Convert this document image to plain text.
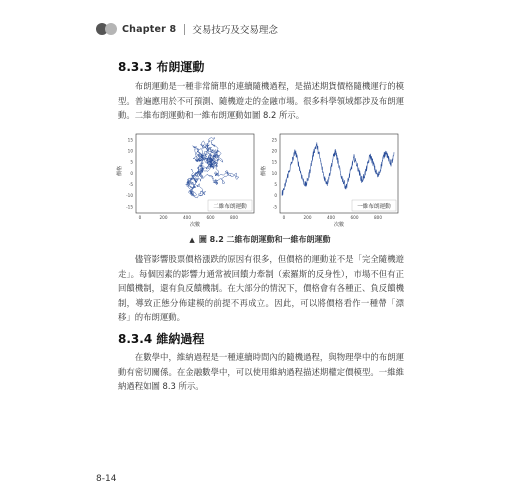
Chapter 8 交易技巧及交易理念
8.3.3 布朗運動

布朗運動是一種非常簡單的連續隨機過程，是描述期貨價格隨機運行的模型。普遍應用於不可預測、隨機遊走的金融市場。很多科學領域都涉及布朗運動。二維布朗運動和一維布朗運動如圖 8.2 所示。

價格
15
10
5
0
-5
-10
-15
0	200	400	600	800
二維布朗運動
次數
價格
25
20
15
10
5
0
-5
0	200	400	600	800
一維布朗運動
次數
▲ 圖 8.2 二維布朗運動和一維布朗運動

儘管影響股票價格漲跌的原因有很多，但價格的運動並不是「完全隨機遊走」。每個因素的影響力通常被回饋力牽制（索羅斯的反身性），市場不但有正回饋機制，還有負反饋機制。在大部分的情況下，價格會有各種正、負反饋機制，導致正態分佈建模的前提不再成立。因此，可以將價格看作一種帶「漂移」的布朗運動。

8.3.4 維納過程

在數學中，維納過程是一種連續時間內的隨機過程，與物理學中的布朗運動有密切關係。在金融數學中，可以使用維納過程描述期權定價模型。一維維納過程如圖 8.3 所示。

8-14
